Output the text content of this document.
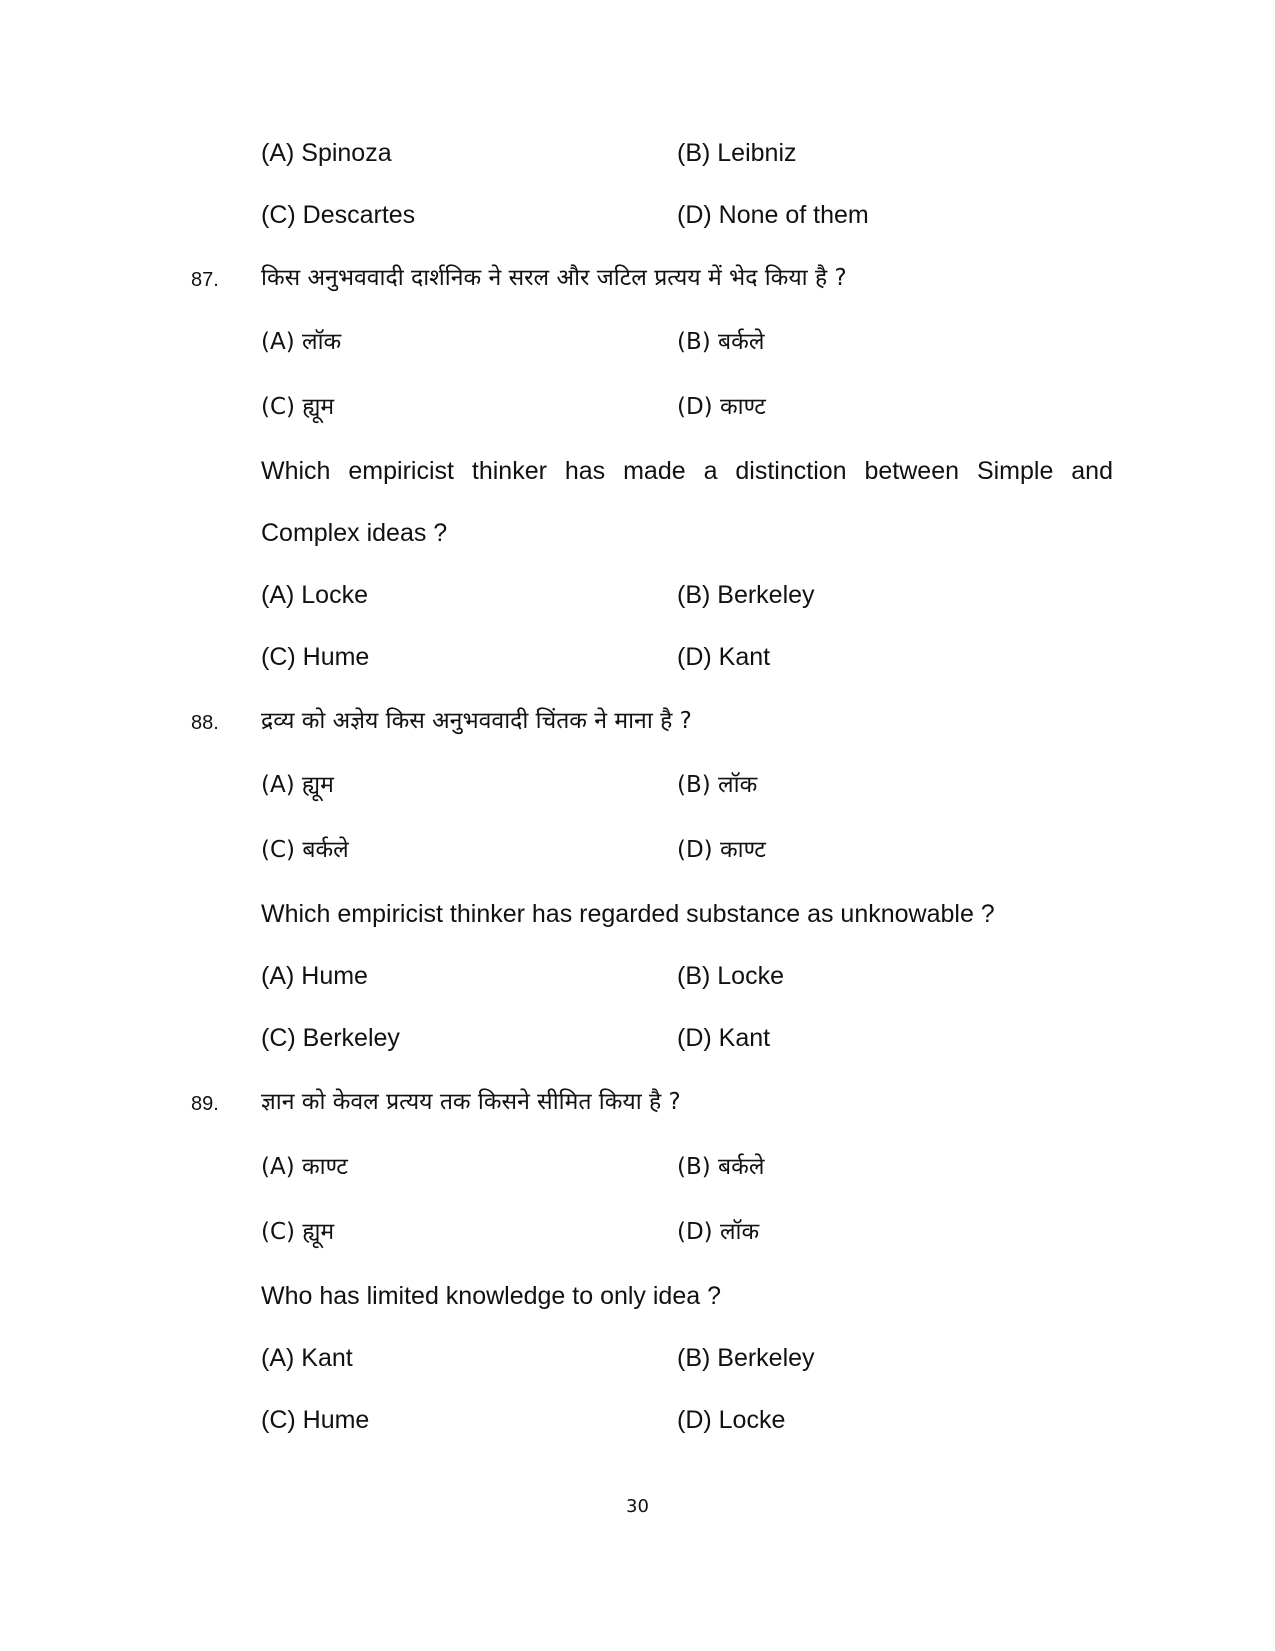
(A) Spinoza	(B) Leibniz
(C) Descartes	(D) None of them
87. किस अनुभववादी दार्शनिक ने सरल और जटिल प्रत्यय में भेद किया है ?
(A) लॉक	(B) बर्कले
(C) ह्यूम	(D) काण्ट
Which empiricist thinker has made a distinction between Simple and
Complex ideas ?
(A) Locke	(B) Berkeley
(C) Hume	(D) Kant
88. द्रव्य को अज्ञेय किस अनुभववादी चिंतक ने माना है ?
(A) ह्यूम	(B) लॉक
(C) बर्कले	(D) काण्ट
Which empiricist thinker has regarded substance as unknowable ?
(A) Hume	(B) Locke
(C) Berkeley	(D) Kant
89. ज्ञान को केवल प्रत्यय तक किसने सीमित किया है ?
(A) काण्ट	(B) बर्कले
(C) ह्यूम	(D) लॉक
Who has limited knowledge to only idea ?
(A) Kant	(B) Berkeley
(C) Hume	(D) Locke
30
